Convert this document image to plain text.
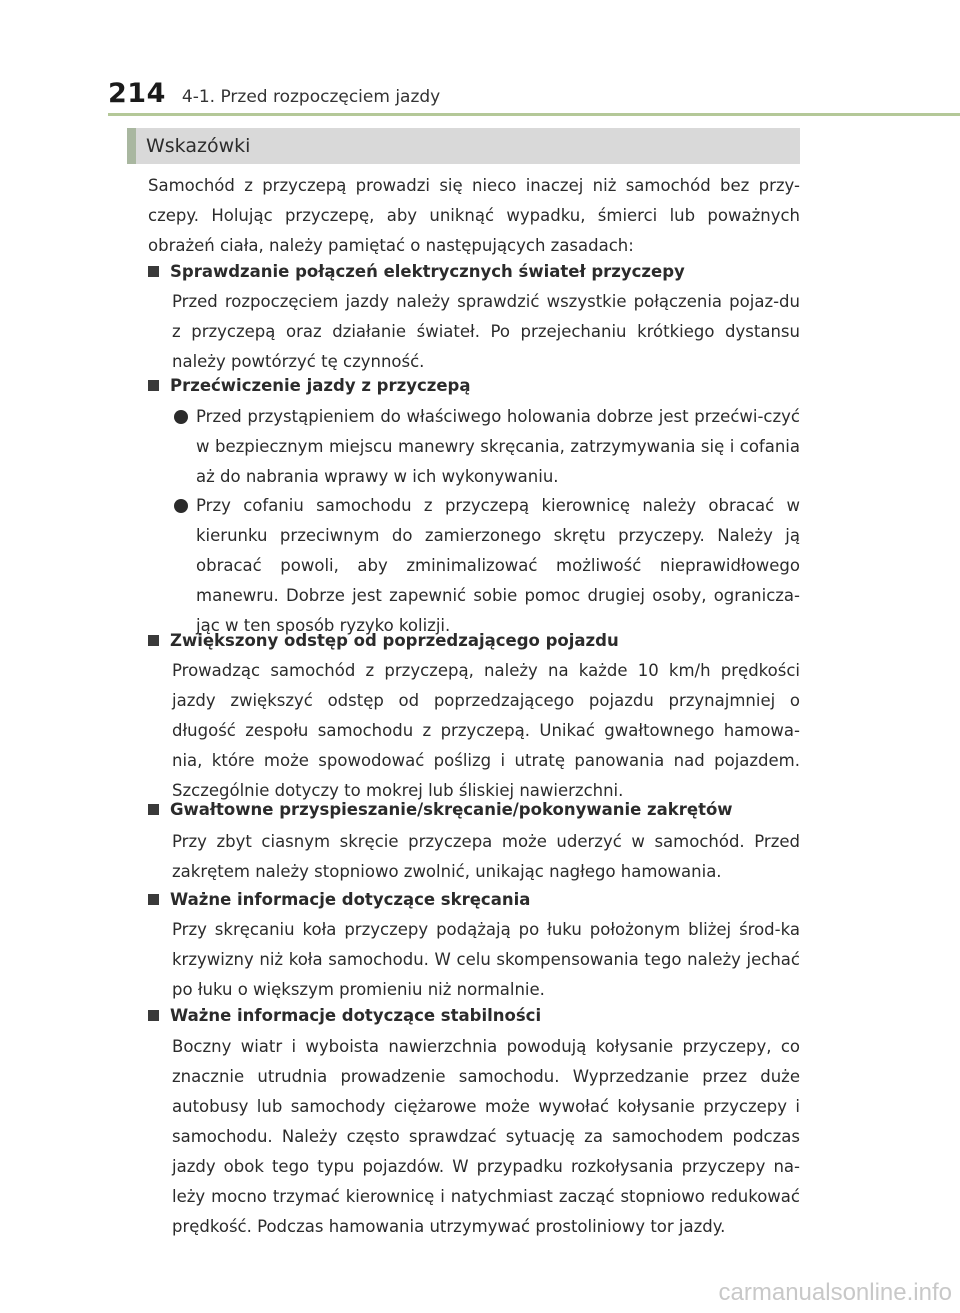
214 4-1. Przed rozpoczęciem jazdy
Wskazówki
Samochód z przyczepą prowadzi się nieco inaczej niż samochód bez przy-czepy. Holując przyczepę, aby uniknąć wypadku, śmierci lub poważnych obrażeń ciała, należy pamiętać o następujących zasadach:
Sprawdzanie połączeń elektrycznych świateł przyczepy
Przed rozpoczęciem jazdy należy sprawdzić wszystkie połączenia pojaz-du z przyczepą oraz działanie świateł. Po przejechaniu krótkiego dystansu należy powtórzyć tę czynność.
Przećwiczenie jazdy z przyczepą
Przed przystąpieniem do właściwego holowania dobrze jest przećwi-czyć w bezpiecznym miejscu manewry skręcania, zatrzymywania się i cofania aż do nabrania wprawy w ich wykonywaniu.
Przy cofaniu samochodu z przyczepą kierownicę należy obracać w kierunku przeciwnym do zamierzonego skrętu przyczepy. Należy ją obracać powoli, aby zminimalizować możliwość nieprawidłowego manewru. Dobrze jest zapewnić sobie pomoc drugiej osoby, ogranicza-jąc w ten sposób ryzyko kolizji.
Zwiększony odstęp od poprzedzającego pojazdu
Prowadząc samochód z przyczepą, należy na każde 10 km/h prędkości jazdy zwiększyć odstęp od poprzedzającego pojazdu przynajmniej o długość zespołu samochodu z przyczepą. Unikać gwałtownego hamowa-nia, które może spowodować poślizg i utratę panowania nad pojazdem. Szczególnie dotyczy to mokrej lub śliskiej nawierzchni.
Gwałtowne przyspieszanie/skręcanie/pokonywanie zakrętów
Przy zbyt ciasnym skręcie przyczepa może uderzyć w samochód. Przed zakrętem należy stopniowo zwolnić, unikając nagłego hamowania.
Ważne informacje dotyczące skręcania
Przy skręcaniu koła przyczepy podążają po łuku położonym bliżej środ-ka krzywizny niż koła samochodu. W celu skompensowania tego należy jechać po łuku o większym promieniu niż normalnie.
Ważne informacje dotyczące stabilności
Boczny wiatr i wyboista nawierzchnia powodują kołysanie przyczepy, co znacznie utrudnia prowadzenie samochodu. Wyprzedzanie przez duże autobusy lub samochody ciężarowe może wywołać kołysanie przyczepy i samochodu. Należy często sprawdzać sytuację za samochodem podczas jazdy obok tego typu pojazdów. W przypadku rozkołysania przyczepy na-leży mocno trzymać kierownicę i natychmiast zacząć stopniowo redukować prędkość. Podczas hamowania utrzymywać prostoliniowy tor jazdy.
carmanualsonline.info
